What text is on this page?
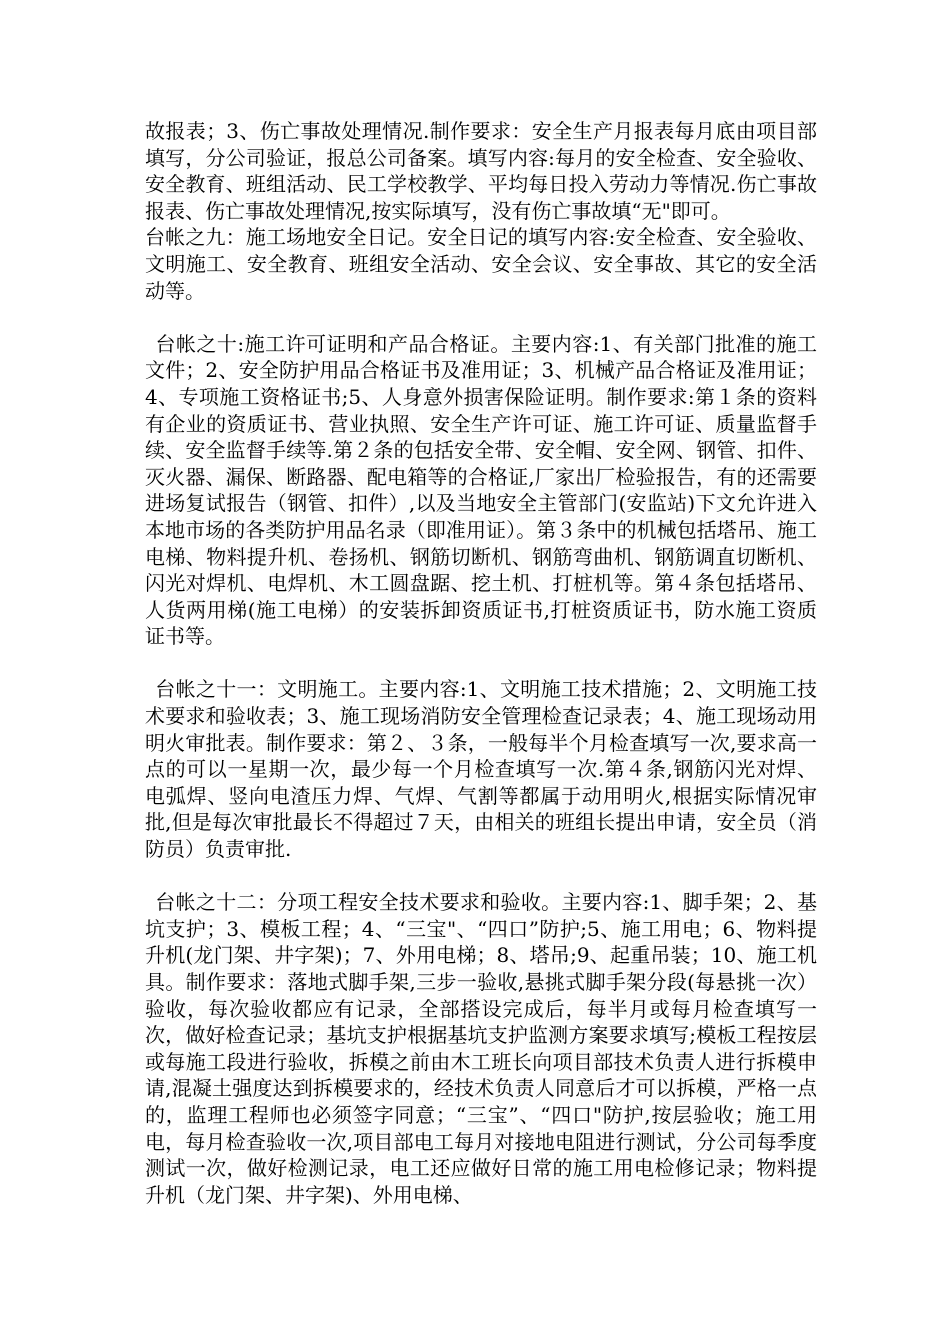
故报表；3、伤亡事故处理情况.制作要求：安全生产月报表每月底由项目部填写，分公司验证，报总公司备案。填写内容:每月的安全检查、安全验收、安全教育、班组活动、民工学校教学、平均每日投入劳动力等情况.伤亡事故报表、伤亡事故处理情况,按实际填写，没有伤亡事故填“无"即可。

台帐之九：施工场地安全日记。安全日记的填写内容:安全检查、安全验收、文明施工、安全教育、班组安全活动、安全会议、安全事故、其它的安全活动等。

台帐之十:施工许可证明和产品合格证。主要内容:1、有关部门批准的施工文件；2、安全防护用品合格证书及准用证；3、机械产品合格证及准用证；4、专项施工资格证书;5、人身意外损害保险证明。制作要求:第１条的资料有企业的资质证书、营业执照、安全生产许可证、施工许可证、质量监督手续、安全监督手续等.第２条的包括安全带、安全帽、安全网、钢管、扣件、灭火器、漏保、断路器、配电箱等的合格证,厂家出厂检验报告，有的还需要进场复试报告（钢管、扣件）,以及当地安全主管部门(安监站)下文允许进入本地市场的各类防护用品名录（即准用证）。第３条中的机械包括塔吊、施工电梯、物料提升机、卷扬机、钢筋切断机、钢筋弯曲机、钢筋调直切断机、闪光对焊机、电焊机、木工圆盘踞、挖土机、打桩机等。第４条包括塔吊、人货两用梯(施工电梯）的安装拆卸资质证书,打桩资质证书，防水施工资质证书等。

台帐之十一：文明施工。主要内容:1、文明施工技术措施；2、文明施工技术要求和验收表；3、施工现场消防安全管理检查记录表；4、施工现场动用明火审批表。制作要求：第２、３条，一般每半个月检查填写一次,要求高一点的可以一星期一次，最少每一个月检查填写一次.第４条,钢筋闪光对焊、电弧焊、竖向电渣压力焊、气焊、气割等都属于动用明火,根据实际情况审批,但是每次审批最长不得超过７天，由相关的班组长提出申请，安全员（消防员）负责审批.

台帐之十二：分项工程安全技术要求和验收。主要内容:1、脚手架；2、基坑支护；3、模板工程；4、“三宝"、“四口”防护;5、施工用电；6、物料提升机(龙门架、井字架)；7、外用电梯；8、塔吊;9、起重吊装；10、施工机具。制作要求：落地式脚手架,三步一验收,悬挑式脚手架分段(每悬挑一次）验收，每次验收都应有记录，全部搭设完成后，每半月或每月检查填写一次，做好检查记录；基坑支护根据基坑支护监测方案要求填写;模板工程按层或每施工段进行验收，拆模之前由木工班长向项目部技术负责人进行拆模申请,混凝土强度达到拆模要求的，经技术负责人同意后才可以拆模，严格一点的，监理工程师也必须签字同意；“三宝”、“四口"防护,按层验收；施工用电，每月检查验收一次,项目部电工每月对接地电阻进行测试，分公司每季度测试一次，做好检测记录，电工还应做好日常的施工用电检修记录；物料提升机（龙门架、井字架)、外用电梯、
